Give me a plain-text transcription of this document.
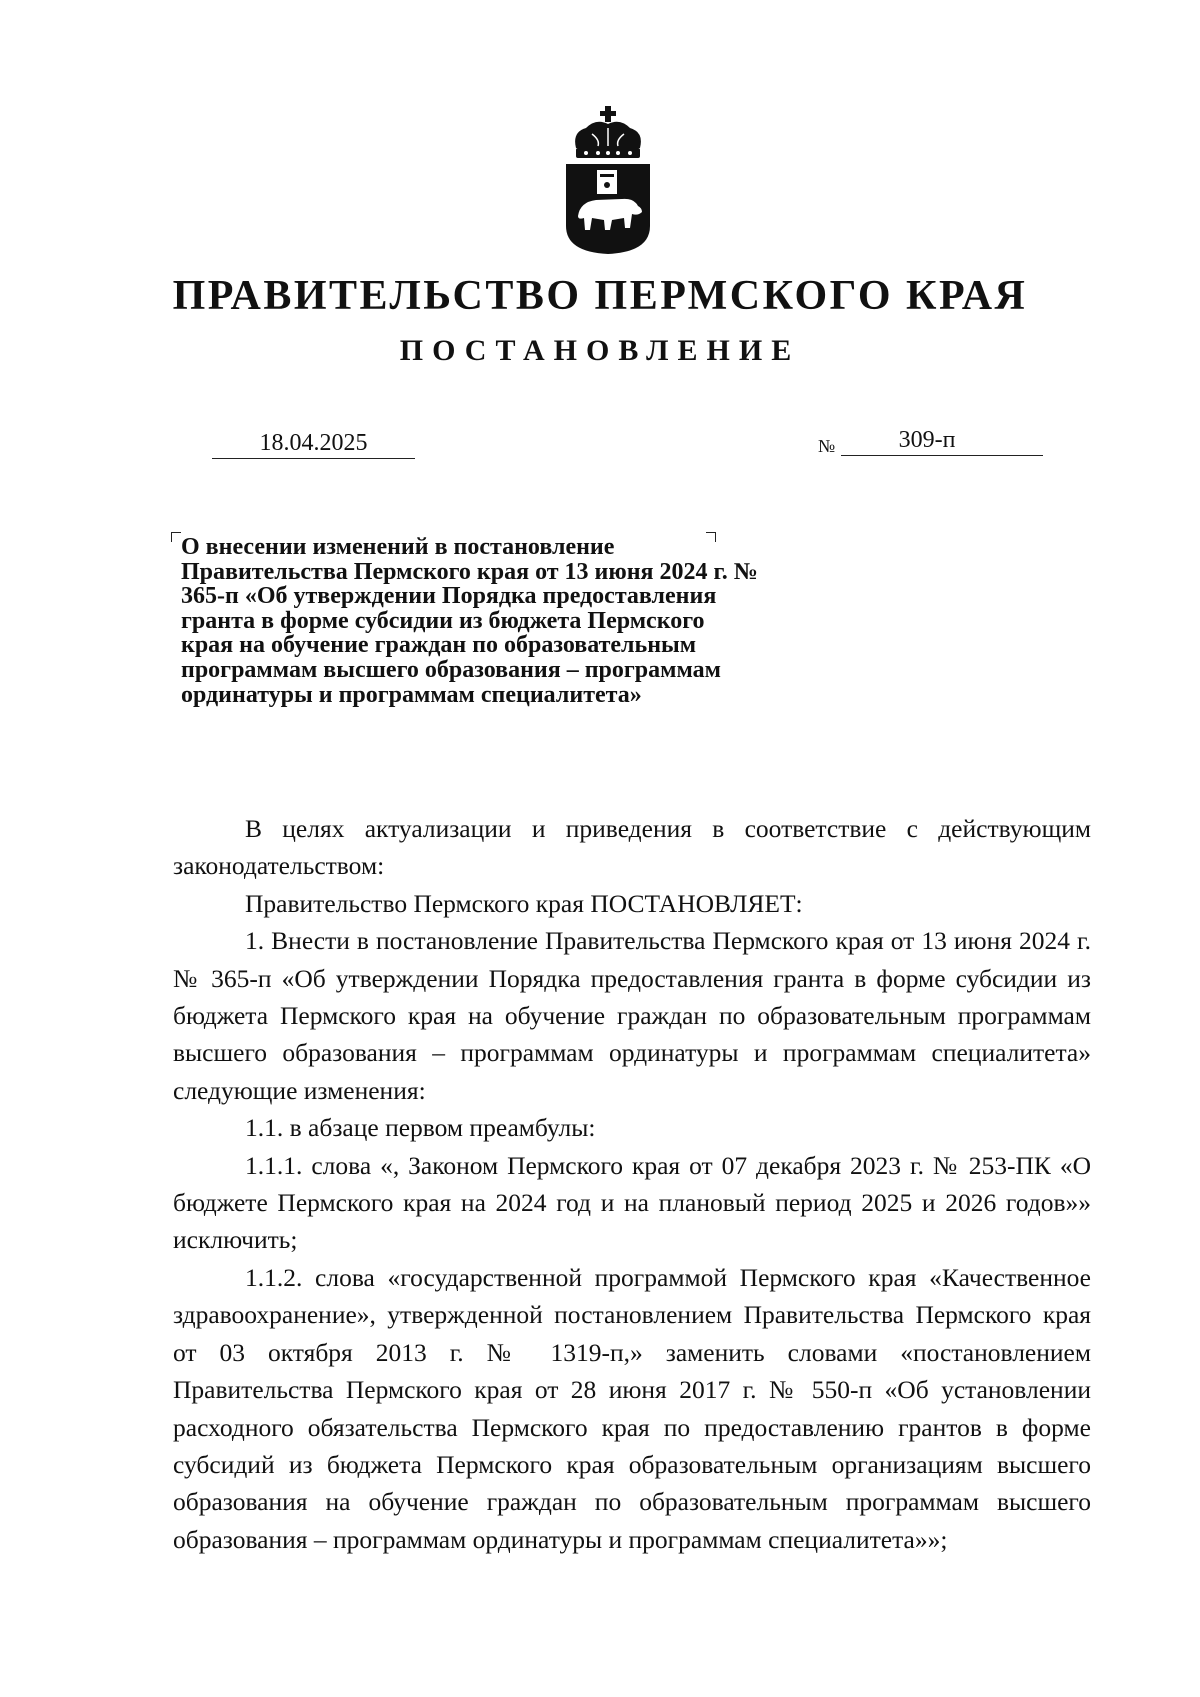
ПРАВИТЕЛЬСТВО ПЕРМСКОГО КРАЯ
ПОСТАНОВЛЕНИЕ
18.04.2025	№	309-п
О внесении изменений в постановление Правительства Пермского края от 13 июня 2024 г. № 365-п «Об утверждении Порядка предоставления гранта в форме субсидии из бюджета Пермского края на обучение граждан по образовательным программам высшего образования – программам ординатуры и программам специалитета»

В целях актуализации и приведения в соответствие с действующим законодательством:

Правительство Пермского края ПОСТАНОВЛЯЕТ:

1. Внести в постановление Правительства Пермского края от 13 июня 2024 г. № 365-п «Об утверждении Порядка предоставления гранта в форме субсидии из бюджета Пермского края на обучение граждан по образовательным программам высшего образования – программам ординатуры и программам специалитета» следующие изменения:

1.1. в абзаце первом преамбулы:

1.1.1. слова «, Законом Пермского края от 07 декабря 2023 г. № 253-ПК «О бюджете Пермского края на 2024 год и на плановый период 2025 и 2026 годов»» исключить;

1.1.2. слова «государственной программой Пермского края «Качественное здравоохранение», утвержденной постановлением Правительства Пермского края от 03 октября 2013 г. № 1319-п,» заменить словами «постановлением Правительства Пермского края от 28 июня 2017 г. № 550-п «Об установлении расходного обязательства Пермского края по предоставлению грантов в форме субсидий из бюджета Пермского края образовательным организациям высшего образования на обучение граждан по образовательным программам высшего образования – программам ординатуры и программам специалитета»»;
